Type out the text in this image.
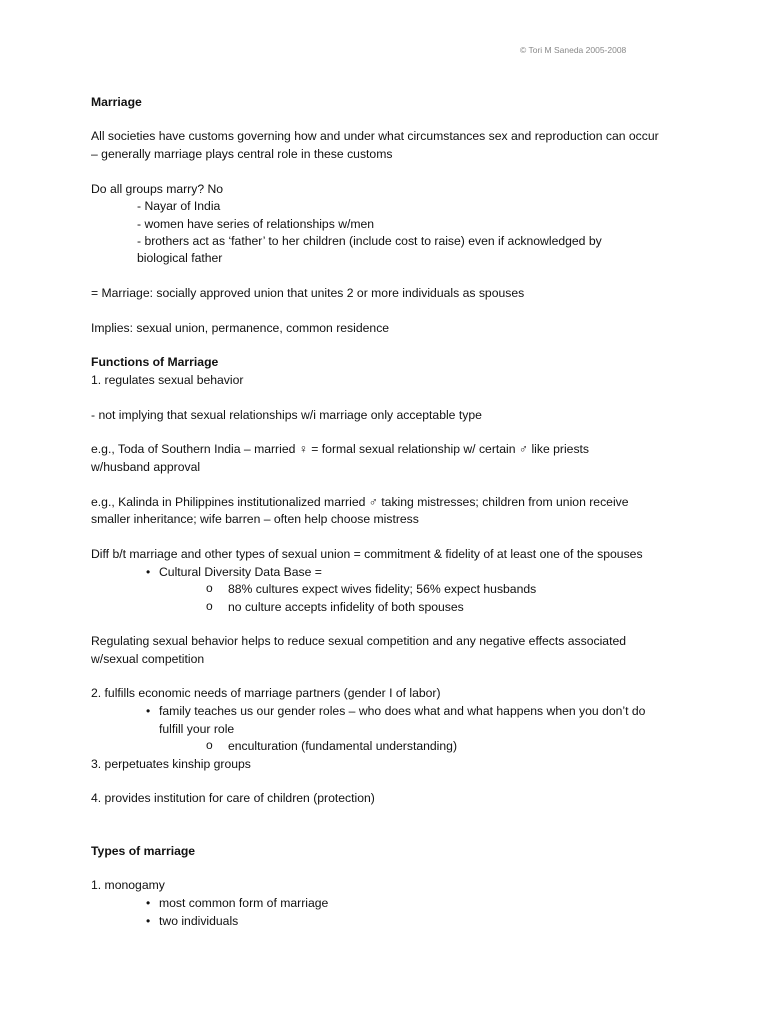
© Tori M Saneda 2005-2008
Marriage
All societies have customs governing how and under what circumstances sex and reproduction can occur
– generally marriage plays central role in these customs
Do all groups marry? No
- Nayar of India
- women have series of relationships w/men
- brothers act as ‘father’ to her children (include cost to raise) even if acknowledged by
biological father
= Marriage: socially approved union that unites 2 or more individuals as spouses
Implies: sexual union, permanence, common residence
Functions of Marriage
1. regulates sexual behavior
- not implying that sexual relationships w/i marriage only acceptable type
e.g., Toda of Southern India – married ♀ = formal sexual relationship w/ certain ♂ like priests
w/husband approval
e.g., Kalinda in Philippines institutionalized married ♂ taking mistresses; children from union receive
smaller inheritance; wife barren – often help choose mistress
Diff b/t marriage and other types of sexual union = commitment & fidelity of at least one of the spouses
• Cultural Diversity Data Base =
o 88% cultures expect wives fidelity; 56% expect husbands
o no culture accepts infidelity of both spouses
Regulating sexual behavior helps to reduce sexual competition and any negative effects associated
w/sexual competition
2. fulfills economic needs of marriage partners (gender I of labor)
• family teaches us our gender roles – who does what and what happens when you don’t do
fulfill your role
o enculturation (fundamental understanding)
3. perpetuates kinship groups
4. provides institution for care of children (protection)
Types of marriage
1. monogamy
• most common form of marriage
• two individuals
